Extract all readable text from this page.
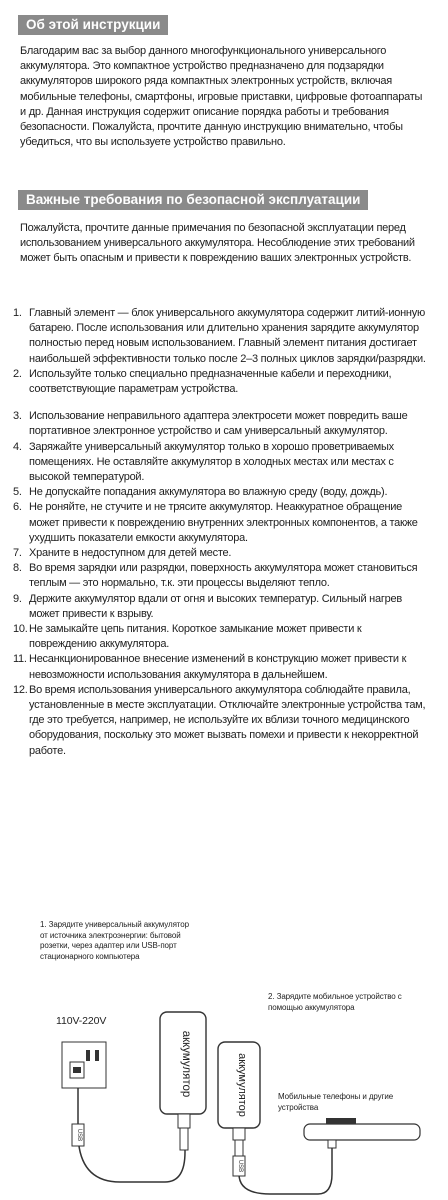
Об этой инструкции

Благодарим вас за выбор данного многофункционального универсального аккумулятора. Это компактное устройство предназначено для подзарядки аккумуляторов широкого ряда компактных электронных устройств, включая мобильные телефоны, смартфоны, игровые приставки, цифровые фотоаппараты и др. Данная инструкция содержит описание порядка работы и требования безопасности. Пожалуйста, прочтите данную инструкцию внимательно, чтобы убедиться, что вы используете устройство правильно.

Важные требования по безопасной эксплуатации

Пожалуйста, прочтите данные примечания по безопасной эксплуатации перед использованием универсального аккумулятора. Несоблюдение этих требований может быть опасным и привести к повреждению ваших электронных устройств.

1. Главный элемент — блок универсального аккумулятора содержит литий-ионную батарею. После использования или длительно хранения зарядите аккумулятор полностью перед новым использованием. Главный элемент питания достигает наибольшей эффективности только после 2–3 полных циклов зарядки/разрядки.
2. Используйте только специально предназначенные кабели и переходники, соответствующие параметрам устройства.
3. Использование неправильного адаптера электросети может повредить ваше портативное электронное устройство и сам универсальный аккумулятор.
4. Заряжайте универсальный аккумулятор только в хорошо проветриваемых помещениях. Не оставляйте аккумулятор в холодных местах или местах с высокой температурой.
5. Не допускайте попадания аккумулятора во влажную среду (воду, дождь).
6. Не роняйте, не стучите и не трясите аккумулятор. Неаккуратное обращение может привести к повреждению внутренних электронных компонентов, а также ухудшить показатели емкости аккумулятора.
7. Храните в недоступном для детей месте.
8. Во время зарядки или разрядки, поверхность аккумулятора может становиться теплым — это нормально, т.к. эти процессы выделяют тепло.
9. Держите аккумулятор вдали от огня и высоких температур. Сильный нагрев может привести к взрыву.
10. Не замыкайте цепь питания. Короткое замыкание может привести к повреждению аккумулятора.
11. Несанкционированное внесение изменений в конструкцию может привести к невозможности использования аккумулятора в дальнейшем.
12. Во время использования универсального аккумулятора соблюдайте правила, установленные в месте эксплуатации. Отключайте электронные устройства там, где это требуется, например, не используйте их вблизи точного медицинского оборудования, поскольку это может вызвать помехи и привести к некорректной работе.
1. Зарядите универсальный аккумулятор от источника электроэнергии: бытовой розетки, через адаптер или USB-порт стационарного компьютера
110V-220V
2. Зарядите мобильное устройство с помощью аккумулятора
Мобильные телефоны и другие устройства
аккумулятор
USB
аккумулятор
USB
